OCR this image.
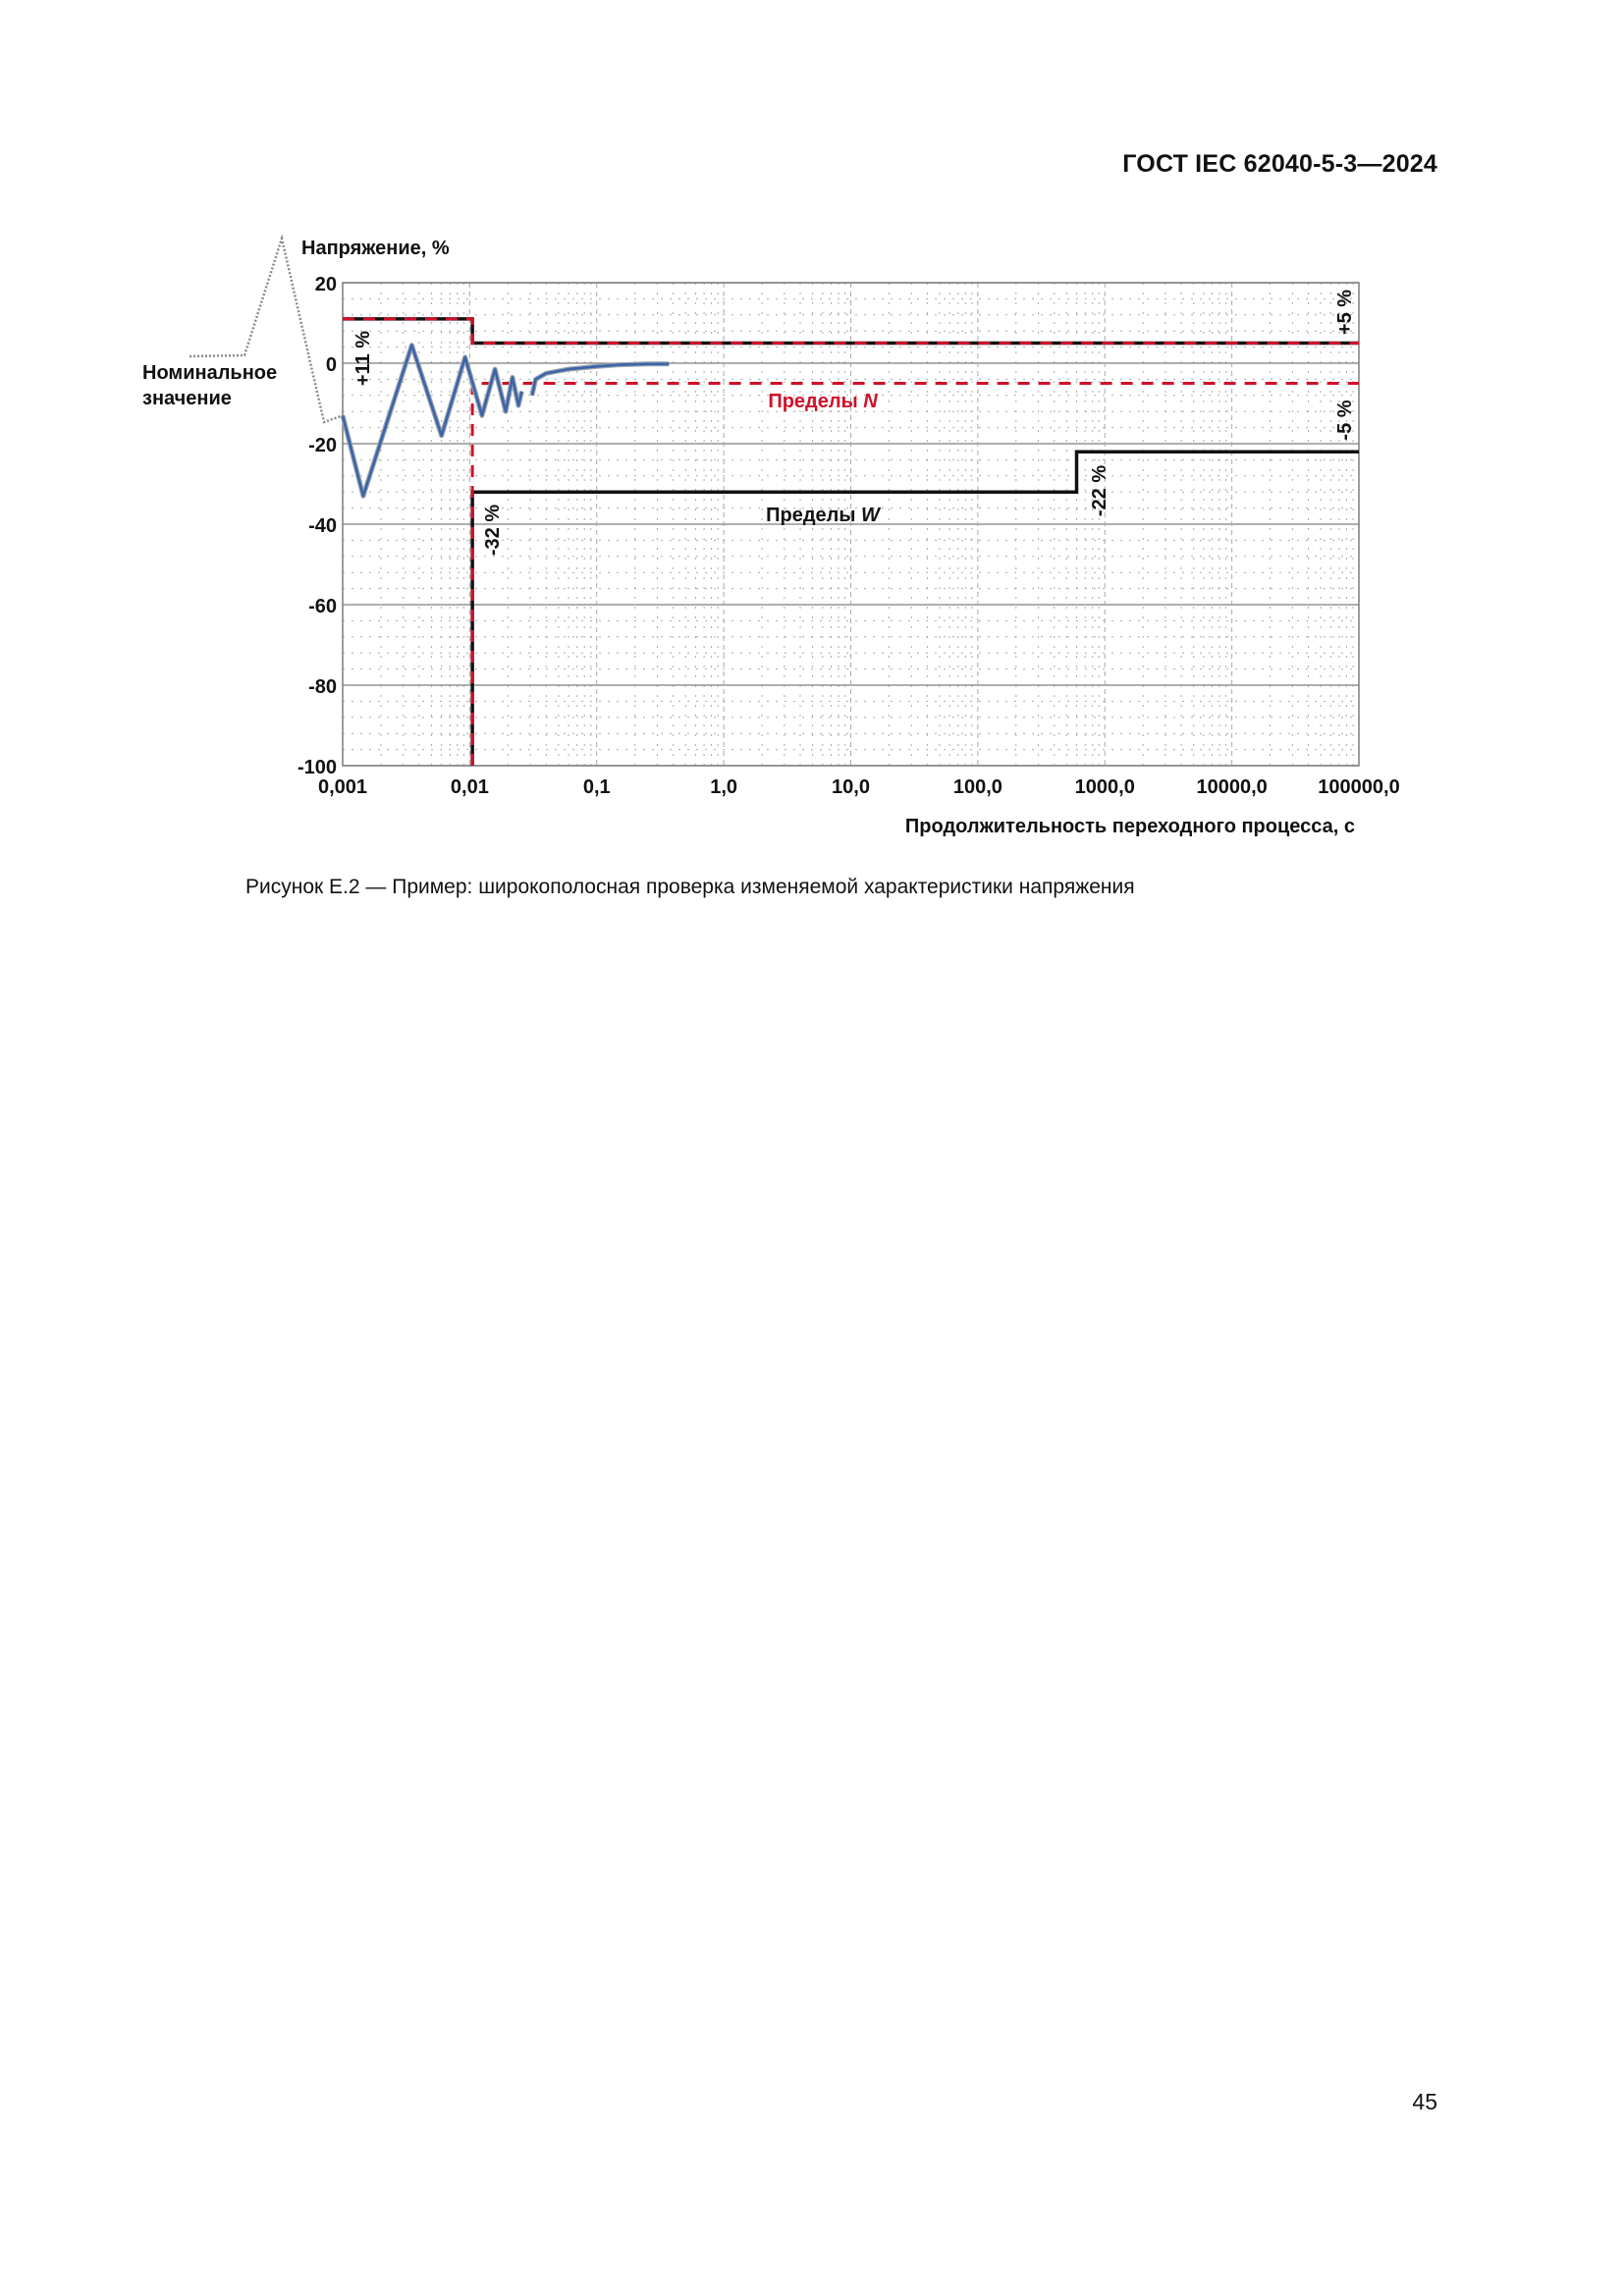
ГОСТ IEC 62040-5-3—2024
0,001	0,01	0,1	1,0	10,0	100,0	1000,0	10000,0	100000,0
20
0
-20
-40
-60
-80
-100
Напряжение, %
Продолжительность переходного процесса, с
Номинальное
значение
+11 %
+5 %
-5 %
-22 %
-32 %
Пределы N
Пределы W
Рисунок Е.2 — Пример: широкополосная проверка изменяемой характеристики напряжения
45
